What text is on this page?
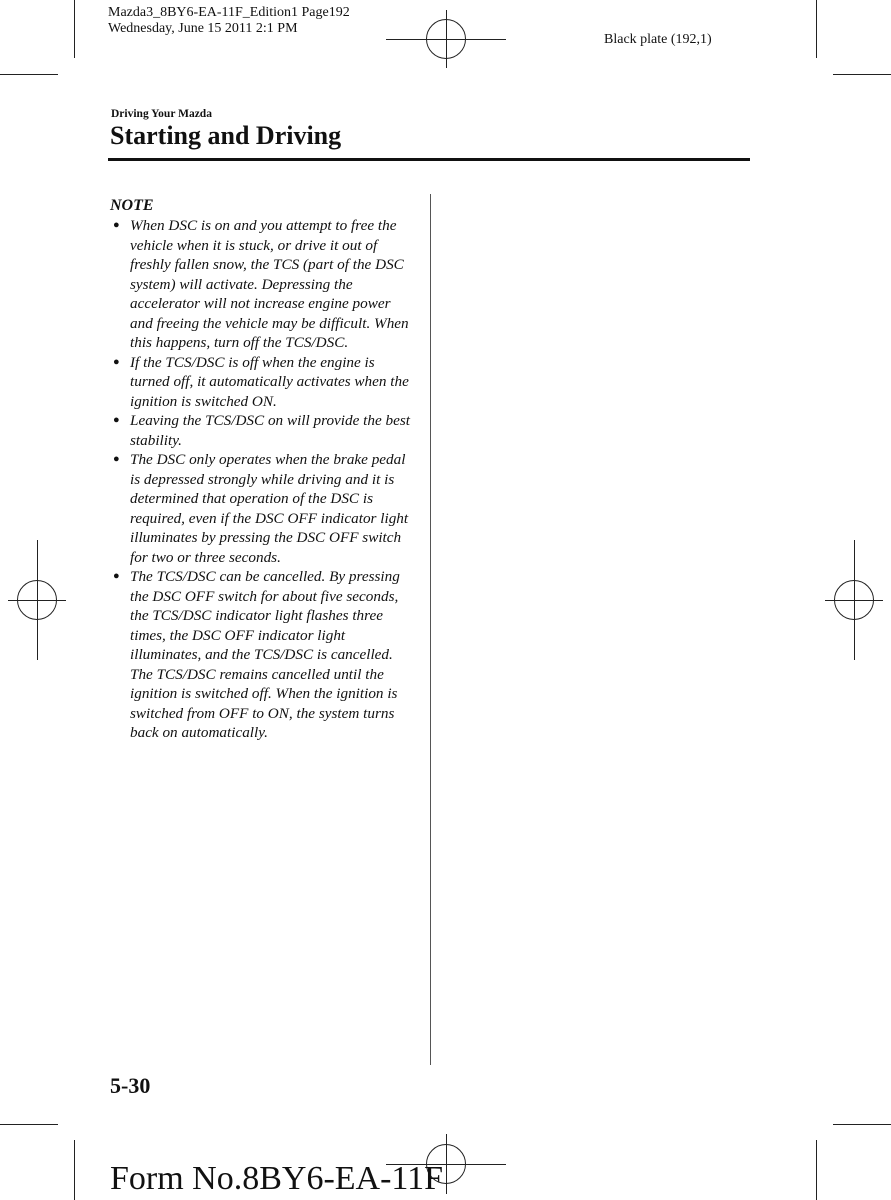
Mazda3_8BY6-EA-11F_Edition1 Page192
Wednesday, June 15 2011 2:1 PM
Black plate (192,1)
Driving Your Mazda
Starting and Driving
NOTE
● When DSC is on and you attempt to free the vehicle when it is stuck, or drive it out of freshly fallen snow, the TCS (part of the DSC system) will activate. Depressing the accelerator will not increase engine power and freeing the vehicle may be difficult. When this happens, turn off the TCS/DSC.

● If the TCS/DSC is off when the engine is turned off, it automatically activates when the ignition is switched ON.

● Leaving the TCS/DSC on will provide the best stability.

● The DSC only operates when the brake pedal is depressed strongly while driving and it is determined that operation of the DSC is required, even if the DSC OFF indicator light illuminates by pressing the DSC OFF switch for two or three seconds.

● The TCS/DSC can be cancelled. By pressing the DSC OFF switch for about five seconds, the TCS/DSC indicator light flashes three times, the DSC OFF indicator light illuminates, and the TCS/DSC is cancelled.

The TCS/DSC remains cancelled until the ignition is switched off. When the ignition is switched from OFF to ON, the system turns back on automatically.

5-30
Form No.8BY6-EA-11F
